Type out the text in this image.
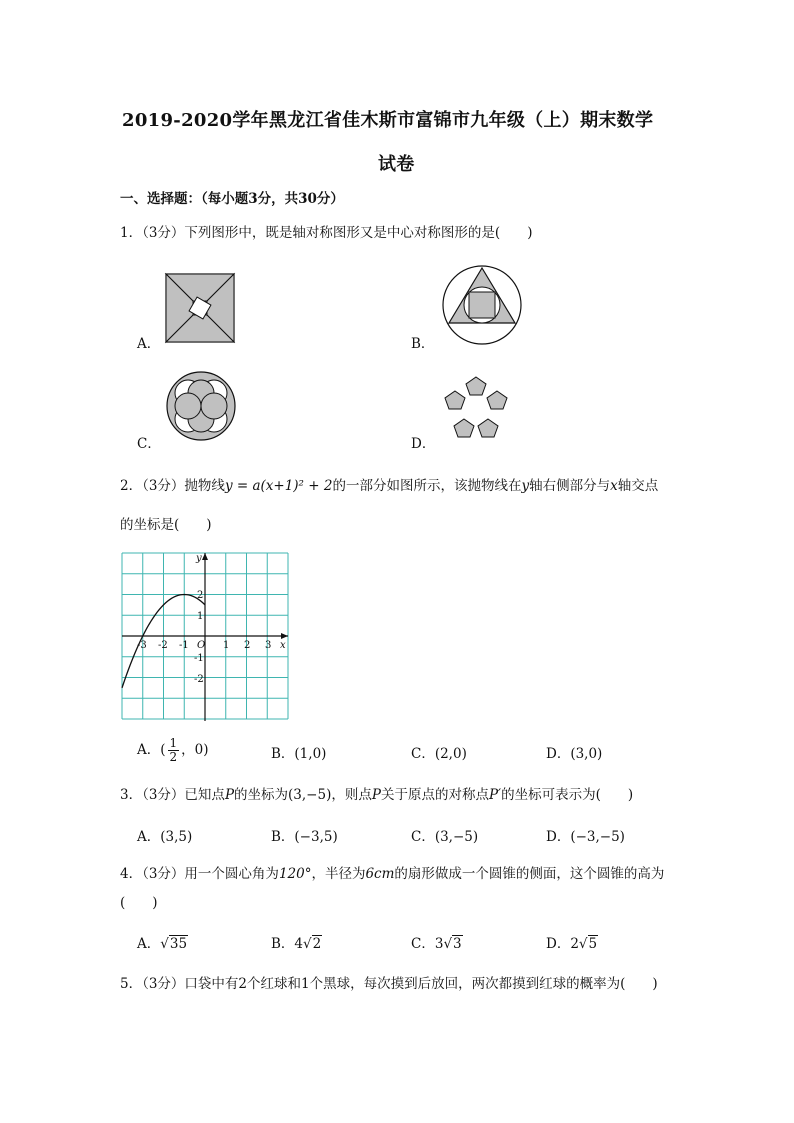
2019-2020学年黑龙江省佳木斯市富锦市九年级（上）期末数学
试卷
一、选择题：（每小题3分，共30分）
1．（3分）下列图形中，既是轴对称图形又是中心对称图形的是(　　)
A．	B．
C．	D．
2．（3分）抛物线y = a(x+1)² + 2的一部分如图所示，该抛物线在y轴右侧部分与x轴交点
的坐标是(　　)
y
x
O
-3 -2 -1	1 2 3
2
1
-1
-2
A．( $\frac{1}{2}$ ，0)	B．(1,0)	C．(2,0)	D．(3,0)
3．（3分）已知点P的坐标为(3,−5)，则点P关于原点的对称点P′的坐标可表示为(　　)
A．(3,5)	B．(−3,5)	C．(3,−5)	D．(−3,−5)
4．（3分）用一个圆心角为120°，半径为6cm的扇形做成一个圆锥的侧面，这个圆锥的高为
(　　)
A．√35	B．4√2	C．3√3	D．2√5
5．（3分）口袋中有2个红球和1个黑球，每次摸到后放回，两次都摸到红球的概率为(　　)
